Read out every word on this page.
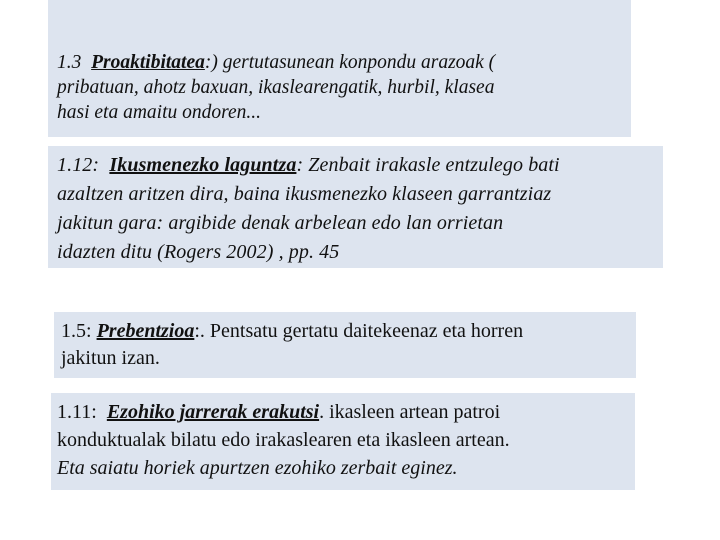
1.3 Proaktibitatea:) gertutasunean konpondu arazoak (

pribatuan, ahotz baxuan, ikaslearengatik, hurbil, klasea

hasi eta amaitu ondoren...

1.12: Ikusmenezko laguntza: Zenbait irakasle entzulego bati

azaltzen aritzen dira, baina ikusmenezko klaseen garrantziaz

jakitun gara: argibide denak arbelean edo lan orrietan

idazten ditu (Rogers 2002) , pp. 45

1.5: Prebentzioa:. Pentsatu gertatu daitekeenaz eta horren

jakitun izan.

1.11: Ezohiko jarrerak erakutsi. ikasleen artean patroi

konduktualak bilatu edo irakaslearen eta ikasleen artean.

Eta saiatu horiek apurtzen ezohiko zerbait eginez.
